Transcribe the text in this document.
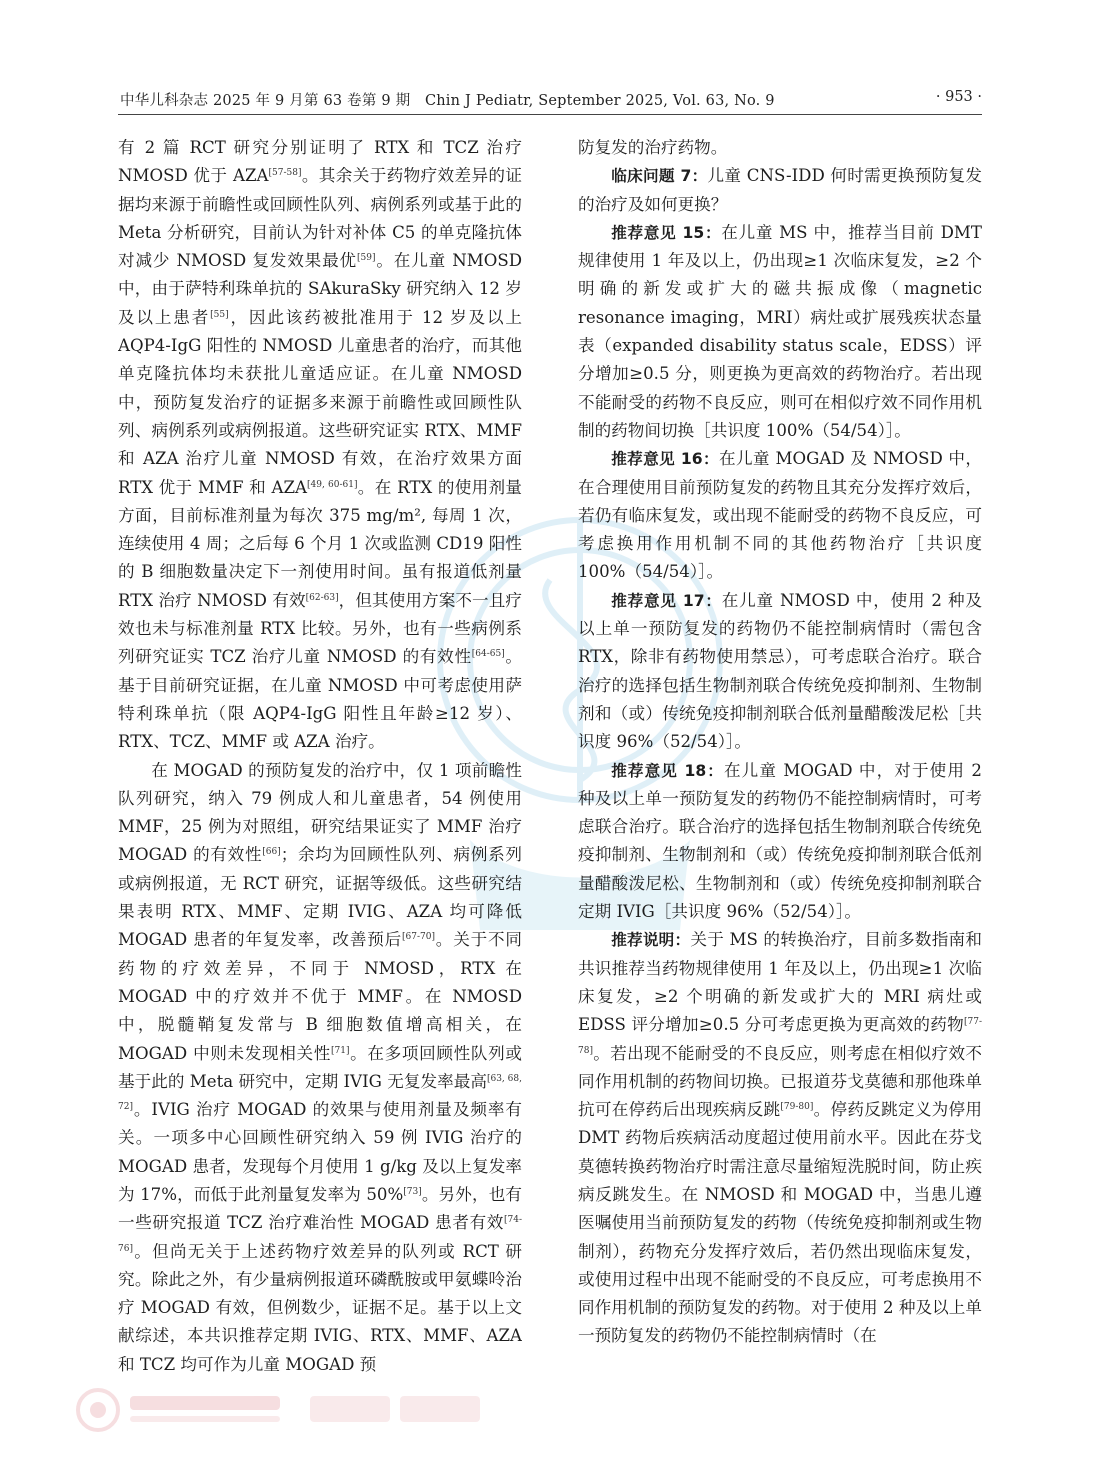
中华儿科杂志 2025 年 9 月第 63 卷第 9 期　Chin J Pediatr, September 2025, Vol. 63, No. 9	· 953 ·

有 2 篇 RCT 研究分别证明了 RTX 和 TCZ 治疗 NMOSD 优于 AZA[57-58]。其余关于药物疗效差异的证据均来源于前瞻性或回顾性队列、病例系列或基于此的 Meta 分析研究，目前认为针对补体 C5 的单克隆抗体对减少 NMOSD 复发效果最优[59]。在儿童 NMOSD 中，由于萨特利珠单抗的 SAkuraSky 研究纳入 12 岁及以上患者[55]，因此该药被批准用于 12 岁及以上 AQP4-IgG 阳性的 NMOSD 儿童患者的治疗，而其他单克隆抗体均未获批儿童适应证。在儿童 NMOSD 中，预防复发治疗的证据多来源于前瞻性或回顾性队列、病例系列或病例报道。这些研究证实 RTX、MMF 和 AZA 治疗儿童 NMOSD 有效，在治疗效果方面 RTX 优于 MMF 和 AZA[49, 60-61]。在 RTX 的使用剂量方面，目前标准剂量为每次 375 mg/m², 每周 1 次，连续使用 4 周；之后每 6 个月 1 次或监测 CD19 阳性的 B 细胞数量决定下一剂使用时间。虽有报道低剂量 RTX 治疗 NMOSD 有效[62-63]，但其使用方案不一且疗效也未与标准剂量 RTX 比较。另外，也有一些病例系列研究证实 TCZ 治疗儿童 NMOSD 的有效性[64-65]。基于目前研究证据，在儿童 NMOSD 中可考虑使用萨特利珠单抗（限 AQP4-IgG 阳性且年龄≥12 岁）、RTX、TCZ、MMF 或 AZA 治疗。

在 MOGAD 的预防复发的治疗中，仅 1 项前瞻性队列研究，纳入 79 例成人和儿童患者，54 例使用 MMF，25 例为对照组，研究结果证实了 MMF 治疗 MOGAD 的有效性[66]；余均为回顾性队列、病例系列或病例报道，无 RCT 研究，证据等级低。这些研究结果表明 RTX、MMF、定期 IVIG、AZA 均可降低 MOGAD 患者的年复发率，改善预后[67-70]。关于不同药物的疗效差异，不同于 NMOSD，RTX 在 MOGAD 中的疗效并不优于 MMF。在 NMOSD 中，脱髓鞘复发常与 B 细胞数值增高相关，在 MOGAD 中则未发现相关性[71]。在多项回顾性队列或基于此的 Meta 研究中，定期 IVIG 无复发率最高[63, 68, 72]。IVIG 治疗 MOGAD 的效果与使用剂量及频率有关。一项多中心回顾性研究纳入 59 例 IVIG 治疗的 MOGAD 患者，发现每个月使用 1 g/kg 及以上复发率为 17%，而低于此剂量复发率为 50%[73]。另外，也有一些研究报道 TCZ 治疗难治性 MOGAD 患者有效[74-76]。但尚无关于上述药物疗效差异的队列或 RCT 研究。除此之外，有少量病例报道环磷酰胺或甲氨蝶呤治疗 MOGAD 有效，但例数少，证据不足。基于以上文献综述，本共识推荐定期 IVIG、RTX、MMF、AZA 和 TCZ 均可作为儿童 MOGAD 预

防复发的治疗药物。

临床问题 7：儿童 CNS-IDD 何时需更换预防复发的治疗及如何更换？

推荐意见 15：在儿童 MS 中，推荐当目前 DMT 规律使用 1 年及以上，仍出现≥1 次临床复发，≥2 个明确的新发或扩大的磁共振成像（magnetic resonance imaging，MRI）病灶或扩展残疾状态量表（expanded disability status scale，EDSS）评分增加≥0.5 分，则更换为更高效的药物治疗。若出现不能耐受的药物不良反应，则可在相似疗效不同作用机制的药物间切换［共识度 100%（54/54）］。

推荐意见 16：在儿童 MOGAD 及 NMOSD 中，在合理使用目前预防复发的药物且其充分发挥疗效后，若仍有临床复发，或出现不能耐受的药物不良反应，可考虑换用作用机制不同的其他药物治疗［共识度 100%（54/54）］。

推荐意见 17：在儿童 NMOSD 中，使用 2 种及以上单一预防复发的药物仍不能控制病情时（需包含 RTX，除非有药物使用禁忌），可考虑联合治疗。联合治疗的选择包括生物制剂联合传统免疫抑制剂、生物制剂和（或）传统免疫抑制剂联合低剂量醋酸泼尼松［共识度 96%（52/54）］。

推荐意见 18：在儿童 MOGAD 中，对于使用 2 种及以上单一预防复发的药物仍不能控制病情时，可考虑联合治疗。联合治疗的选择包括生物制剂联合传统免疫抑制剂、生物制剂和（或）传统免疫抑制剂联合低剂量醋酸泼尼松、生物制剂和（或）传统免疫抑制剂联合定期 IVIG［共识度 96%（52/54）］。

推荐说明：关于 MS 的转换治疗，目前多数指南和共识推荐当药物规律使用 1 年及以上，仍出现≥1 次临床复发，≥2 个明确的新发或扩大的 MRI 病灶或 EDSS 评分增加≥0.5 分可考虑更换为更高效的药物[77-78]。若出现不能耐受的不良反应，则考虑在相似疗效不同作用机制的药物间切换。已报道芬戈莫德和那他珠单抗可在停药后出现疾病反跳[79-80]。停药反跳定义为停用 DMT 药物后疾病活动度超过使用前水平。因此在芬戈莫德转换药物治疗时需注意尽量缩短洗脱时间，防止疾病反跳发生。在 NMOSD 和 MOGAD 中，当患儿遵医嘱使用当前预防复发的药物（传统免疫抑制剂或生物制剂），药物充分发挥疗效后，若仍然出现临床复发，或使用过程中出现不能耐受的不良反应，可考虑换用不同作用机制的预防复发的药物。对于使用 2 种及以上单一预防复发的药物仍不能控制病情时（在
